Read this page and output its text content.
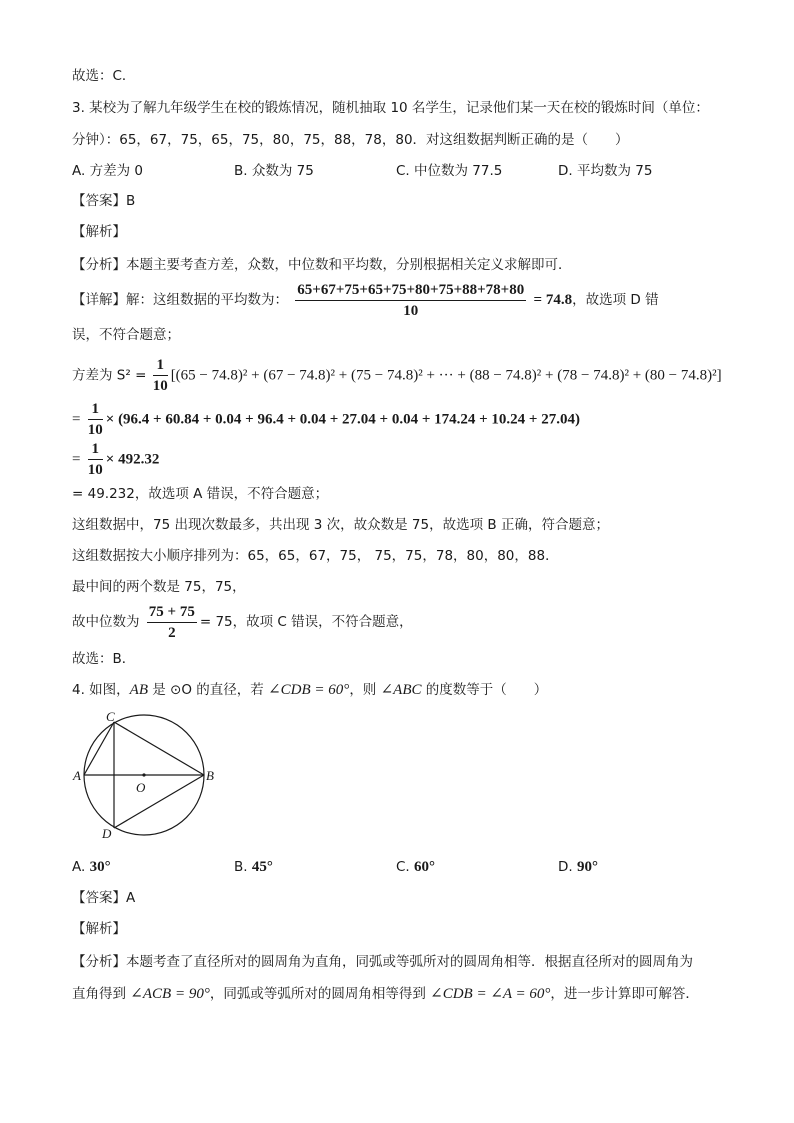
故选：C．
3. 某校为了解九年级学生在校的锻炼情况，随机抽取 10 名学生，记录他们某一天在校的锻炼时间（单位：
分钟）：65，67，75，65，75，80，75，88，78，80．对这组数据判断正确的是（　　）
A. 方差为 0	B. 众数为 75	C. 中位数为 77.5	D. 平均数为 75
【答案】B
【解析】
【分析】本题主要考查方差，众数，中位数和平均数，分别根据相关定义求解即可．
【详解】解：这组数据的平均数为： $\frac{65+67+75+65+75+80+75+88+78+80}{10} = 74.8$，故选项 D 错
误，不符合题意；
方差为 $S^2 = \frac{1}{10} [(65 - 74.8)^2 + (67 - 74.8)^2 + (75 - 74.8)^2$ + ··· + (88 − 74.8)² + (78 − 74.8)² + (80 − 74.8)²]
= $\frac{1}{10} \times (96.4 + 60.84 + 0.04 + 96.4 + 0.04 + 27.04 + 0.04 + 174.24 + 10.24 + 27.04)$
= $\frac{1}{10} \times 492.32$
= 49.232，故选项 A 错误，不符合题意；
这组数据中，75 出现次数最多，共出现 3 次，故众数是 75，故选项 B 正确，符合题意；
这组数据按大小顺序排列为：65，65，67，75， 75，75，78，80，80，88．
最中间的两个数是 75，75，
故中位数为 $\frac{75 + 75}{2} = 75$，故项 C 错误，不符合题意，
故选：B．
4. 如图，AB 是 ⊙O 的直径，若 ∠CDB = 60°，则 ∠ABC 的度数等于（　　）
C
A
O
B
D
A. 30°	B. 45°	C. 60°	D. 90°
【答案】A
【解析】
【分析】本题考查了直径所对的圆周角为直角，同弧或等弧所对的圆周角相等．根据直径所对的圆周角为
直角得到 ∠ACB = 90°，同弧或等弧所对的圆周角相等得到 ∠CDB = ∠A = 60°，进一步计算即可解答．
